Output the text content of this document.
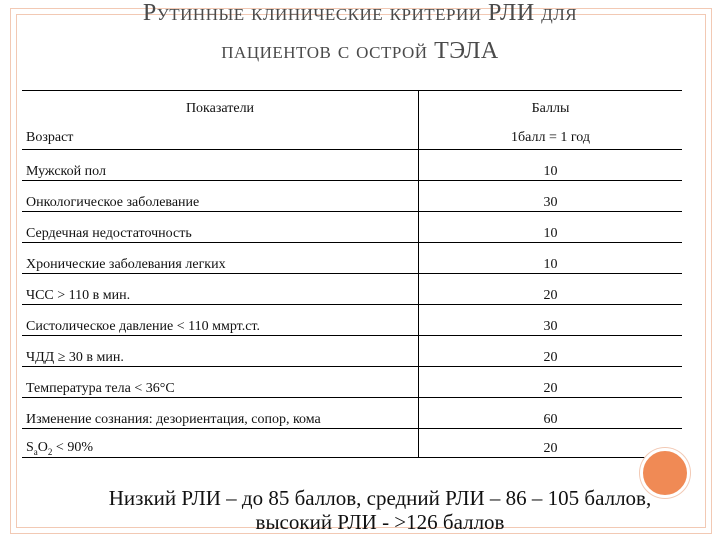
Рутинные клинические критерии РЛИ для
пациентов с острой ТЭЛА
Показатели	Баллы
Возраст	1балл = 1 год
Мужской пол	10
Онкологическое заболевание	30
Сердечная недостаточность	10
Хронические заболевания легких	10
ЧСС > 110 в мин.	20
Систолическое давление < 110 ммрт.ст.	30
ЧДД ≥ 30 в мин.	20
Температура тела < 36°С	20
Изменение сознания: дезориентация, сопор, кома	60
$S_aO_2 < 90\%$	20
Низкий РЛИ – до 85 баллов, средний РЛИ – 86 – 105 баллов,
высокий РЛИ - >126 баллов
